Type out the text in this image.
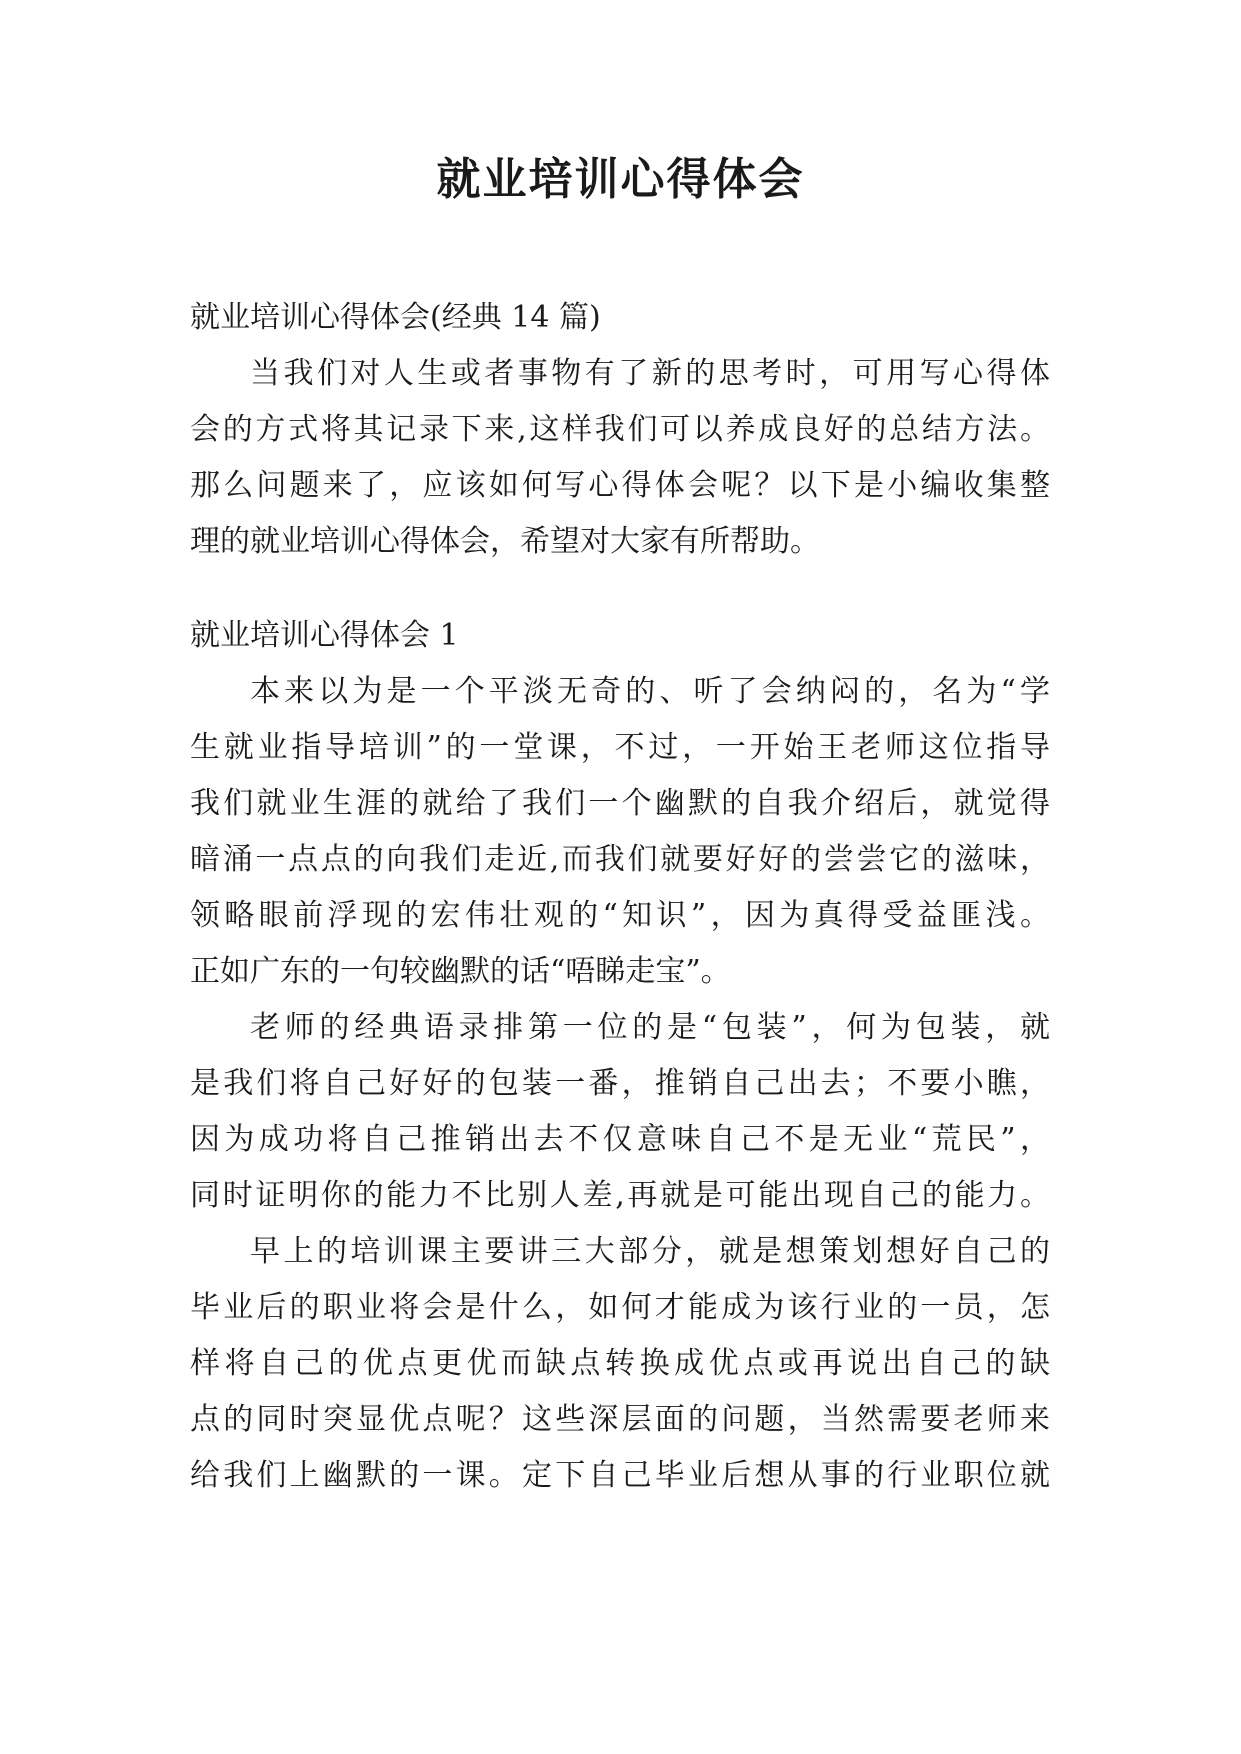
就业培训心得体会
就业培训心得体会(经典 14 篇)
当我们对人生或者事物有了新的思考时，可用写心得体
会的方式将其记录下来,这样我们可以养成良好的总结方法。
那么问题来了，应该如何写心得体会呢？以下是小编收集整
理的就业培训心得体会，希望对大家有所帮助。
就业培训心得体会 1
本来以为是一个平淡无奇的、听了会纳闷的，名为“学
生就业指导培训”的一堂课，不过，一开始王老师这位指导
我们就业生涯的就给了我们一个幽默的自我介绍后，就觉得
暗涌一点点的向我们走近,而我们就要好好的尝尝它的滋味，
领略眼前浮现的宏伟壮观的“知识”，因为真得受益匪浅。
正如广东的一句较幽默的话“唔睇走宝”。
老师的经典语录排第一位的是“包装”，何为包装，就
是我们将自己好好的包装一番，推销自己出去；不要小瞧，
因为成功将自己推销出去不仅意味自己不是无业“荒民”，
同时证明你的能力不比别人差,再就是可能出现自己的能力。
早上的培训课主要讲三大部分，就是想策划想好自己的
毕业后的职业将会是什么，如何才能成为该行业的一员，怎
样将自己的优点更优而缺点转换成优点或再说出自己的缺
点的同时突显优点呢？这些深层面的问题，当然需要老师来
给我们上幽默的一课。定下自己毕业后想从事的行业职位就
